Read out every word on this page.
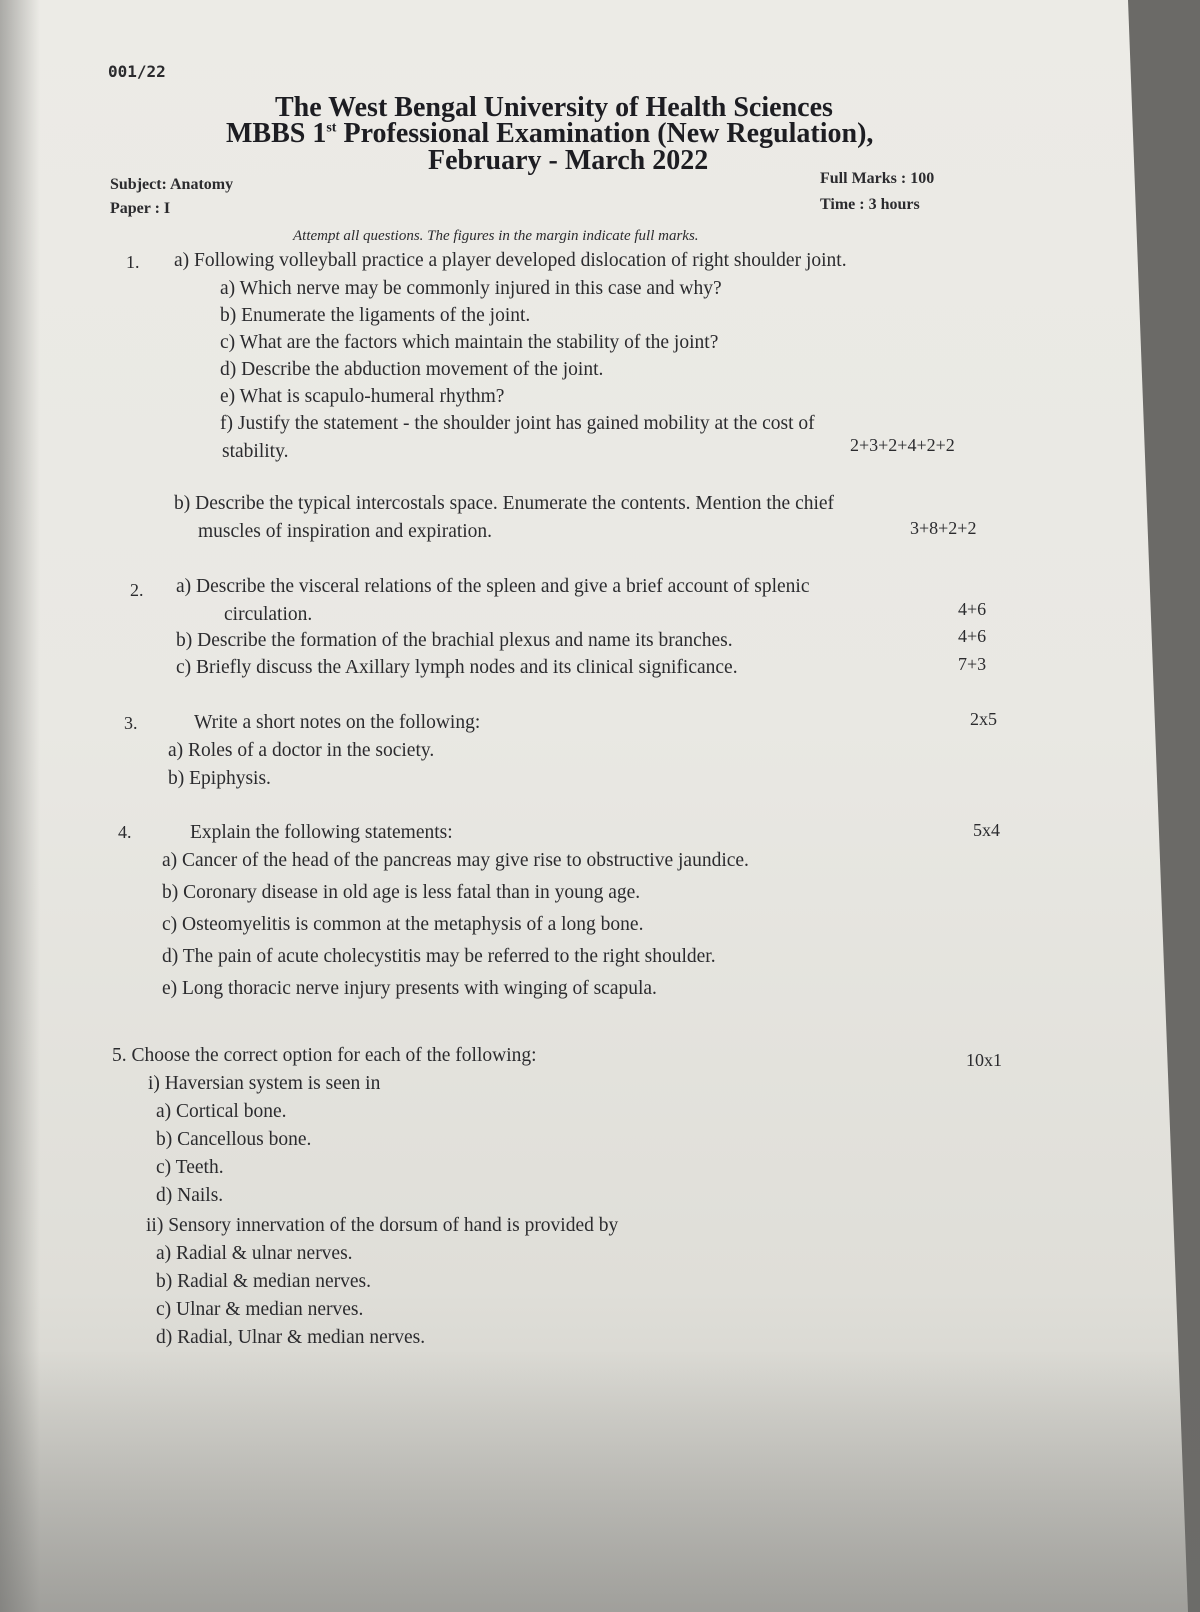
001/22
The West Bengal University of Health Sciences
MBBS 1st Professional Examination (New Regulation),
February - March 2022
Subject: Anatomy
Paper : I
Full Marks : 100
Time : 3 hours
Attempt all questions. The figures in the margin indicate full marks.
1. a) Following volleyball practice a player developed dislocation of right shoulder joint.
a) Which nerve may be commonly injured in this case and why?
b) Enumerate the ligaments of the joint.
c) What are the factors which maintain the stability of the joint?
d) Describe the abduction movement of the joint.
e) What is scapulo-humeral rhythm?
f) Justify the statement - the shoulder joint has gained mobility at the cost of
stability.	2+3+2+4+2+2
b) Describe the typical intercostals space. Enumerate the contents. Mention the chief
muscles of inspiration and expiration.	3+8+2+2
2. a) Describe the visceral relations of the spleen and give a brief account of splenic
circulation.	4+6
b) Describe the formation of the brachial plexus and name its branches.	4+6
c) Briefly discuss the Axillary lymph nodes and its clinical significance.	7+3
3.	Write a short notes on the following:	2x5
a) Roles of a doctor in the society.
b) Epiphysis.
4.	Explain the following statements:	5x4
a) Cancer of the head of the pancreas may give rise to obstructive jaundice.
b) Coronary disease in old age is less fatal than in young age.
c) Osteomyelitis is common at the metaphysis of a long bone.
d) The pain of acute cholecystitis may be referred to the right shoulder.
e) Long thoracic nerve injury presents with winging of scapula.
5. Choose the correct option for each of the following:	10x1
i) Haversian system is seen in
a) Cortical bone.
b) Cancellous bone.
c) Teeth.
d) Nails.
ii) Sensory innervation of the dorsum of hand is provided by
a) Radial & ulnar nerves.
b) Radial & median nerves.
c) Ulnar & median nerves.
d) Radial, Ulnar & median nerves.
